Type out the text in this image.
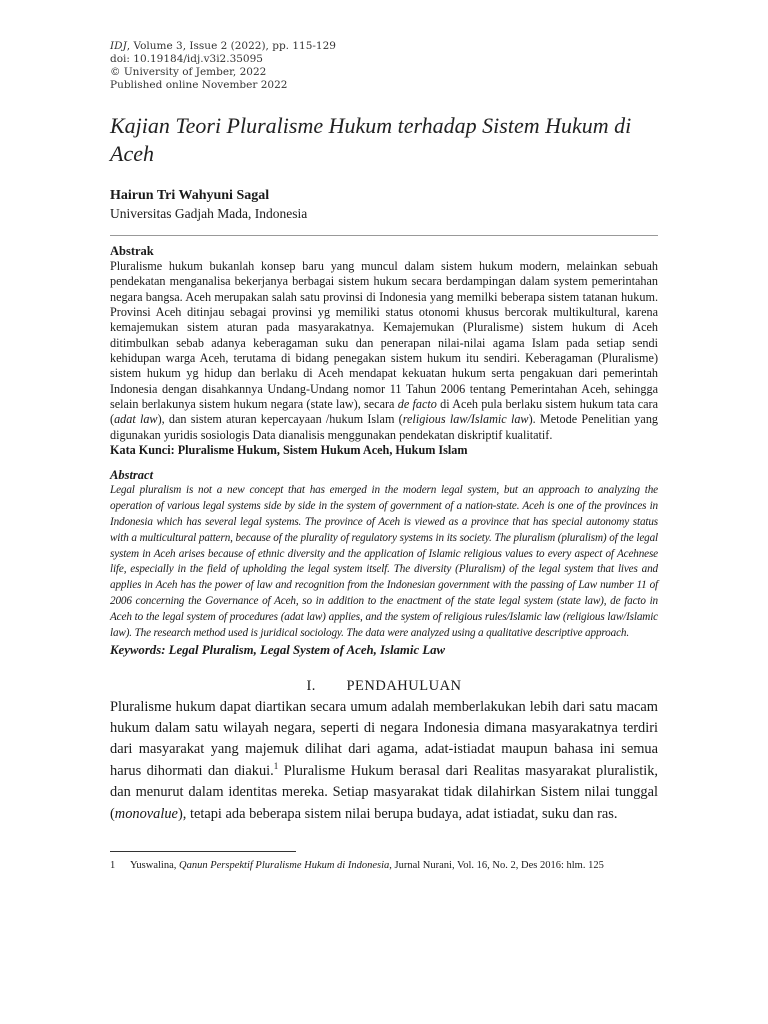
IDJ, Volume 3, Issue 2 (2022), pp. 115-129
doi: 10.19184/idj.v3i2.35095
© University of Jember, 2022
Published online November 2022
Kajian Teori Pluralisme Hukum terhadap Sistem Hukum di Aceh
Hairun Tri Wahyuni Sagal
Universitas Gadjah Mada, Indonesia
Abstrak

Pluralisme hukum bukanlah konsep baru yang muncul dalam sistem hukum modern, melainkan sebuah pendekatan menganalisa bekerjanya berbagai sistem hukum secara berdampingan dalam system pemerintahan negara bangsa. Aceh merupakan salah satu provinsi di Indonesia yang memilki beberapa sistem tatanan hukum. Provinsi Aceh ditinjau sebagai provinsi yg memiliki status otonomi khusus bercorak multikultural, karena kemajemukan sistem aturan pada masyarakatnya. Kemajemukan (Pluralisme) sistem hukum di Aceh ditimbulkan sebab adanya keberagaman suku dan penerapan nilai-nilai agama Islam pada setiap sendi kehidupan warga Aceh, terutama di bidang penegakan sistem hukum itu sendiri. Keberagaman (Pluralisme) sistem hukum yg hidup dan berlaku di Aceh mendapat kekuatan hukum serta pengakuan dari pemerintah Indonesia dengan disahkannya Undang-Undang nomor 11 Tahun 2006 tentang Pemerintahan Aceh, sehingga selain berlakunya sistem hukum negara (state law), secara de facto di Aceh pula berlaku sistem hukum tata cara (adat law), dan sistem aturan kepercayaan /hukum Islam (religious law/Islamic law). Metode Penelitian yang digunakan yuridis sosiologis Data dianalisis menggunakan pendekatan diskriptif kualitatif.

Kata Kunci: Pluralisme Hukum, Sistem Hukum Aceh, Hukum Islam
Abstract

Legal pluralism is not a new concept that has emerged in the modern legal system, but an approach to analyzing the operation of various legal systems side by side in the system of government of a nation-state. Aceh is one of the provinces in Indonesia which has several legal systems. The province of Aceh is viewed as a province that has special autonomy status with a multicultural pattern, because of the plurality of regulatory systems in its society. The pluralism (pluralism) of the legal system in Aceh arises because of ethnic diversity and the application of Islamic religious values to every aspect of Acehnese life, especially in the field of upholding the legal system itself. The diversity (Pluralism) of the legal system that lives and applies in Aceh has the power of law and recognition from the Indonesian government with the passing of Law number 11 of 2006 concerning the Governance of Aceh, so in addition to the enactment of the state legal system (state law), de facto in Aceh to the legal system of procedures (adat law) applies, and the system of religious rules/Islamic law (religious law/Islamic law). The research method used is juridical sociology. The data were analyzed using a qualitative descriptive approach.

Keywords: Legal Pluralism, Legal System of Aceh, Islamic Law
I. PENDAHULUAN

Pluralisme hukum dapat diartikan secara umum adalah memberlakukan lebih dari satu macam hukum dalam satu wilayah negara, seperti di negara Indonesia dimana masyarakatnya terdiri dari masyarakat yang majemuk dilihat dari agama, adat-istiadat maupun bahasa ini semua harus dihormati dan diakui.$^1$ Pluralisme Hukum berasal dari Realitas masyarakat pluralistik, dan menurut dalam identitas mereka. Setiap masyarakat tidak dilahirkan Sistem nilai tunggal (monovalue), tetapi ada beberapa sistem nilai berupa budaya, adat istiadat, suku dan ras.

1 Yuswalina, Qanun Perspektif Pluralisme Hukum di Indonesia, Jurnal Nurani, Vol. 16, No. 2, Des 2016: hlm. 125
